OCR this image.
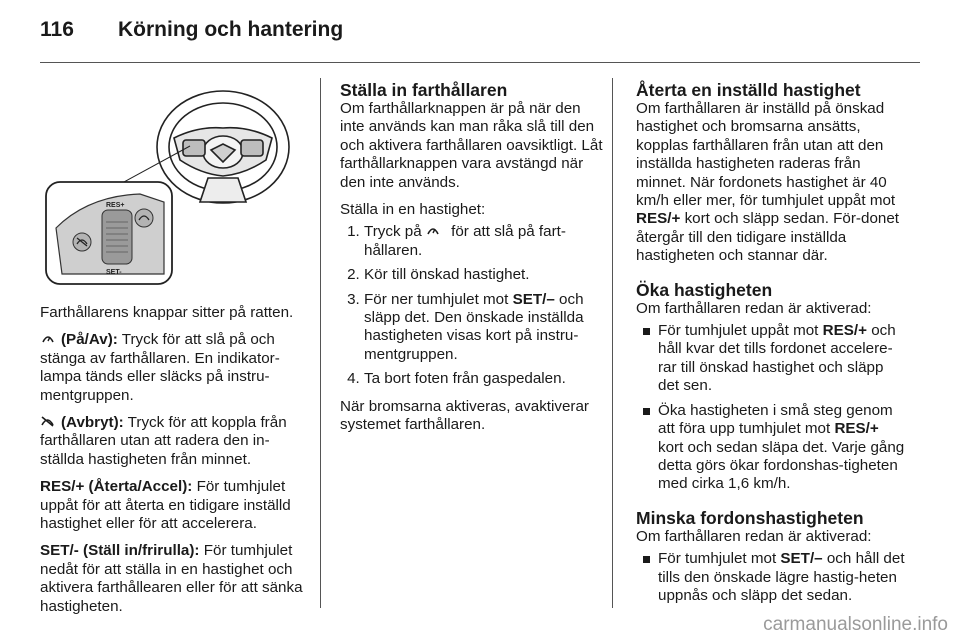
116 Körning och hantering
RES+
SET-

Farthållarens knappar sitter på ratten.

(På/Av): Tryck för att slå på och stänga av farthållaren. En indikator-lampa tänds eller släcks på instru-mentgruppen.

(Avbryt): Tryck för att koppla från farthållaren utan att radera den in-ställda hastigheten från minnet.

RES/+ (Återta/Accel): För tumhjulet uppåt för att återta en tidigare inställd hastighet eller för att accelerera.

SET/- (Ställ in/frirulla): För tumhjulet nedåt för att ställa in en hastighet och aktivera farthållearen eller för att sänka hastigheten.

Ställa in farthållaren

Om farthållarknappen är på när den inte används kan man råka slå till den och aktivera farthållaren oavsiktligt. Låt farthållarknappen vara avstängd när den inte används.

Ställa in en hastighet:

1. Tryck på för att slå på fart-hållaren.
2. Kör till önskad hastighet.
3. För ner tumhjulet mot SET/– och släpp det. Den önskade inställda hastigheten visas kort på instru-mentgruppen.
4. Ta bort foten från gaspedalen.

När bromsarna aktiveras, avaktiverar systemet farthållaren.

Återta en inställd hastighet

Om farthållaren är inställd på önskad hastighet och bromsarna ansätts, kopplas farthållaren från utan att den inställda hastigheten raderas från minnet. När fordonets hastighet är 40 km/h eller mer, för tumhjulet uppåt mot RES/+ kort och släpp sedan. För-donet återgår till den tidigare inställda hastigheten och stannar där.

Öka hastigheten

Om farthållaren redan är aktiverad:

För tumhjulet uppåt mot RES/+ och håll kvar det tills fordonet accelere-rar till önskad hastighet och släpp det sen.
Öka hastigheten i små steg genom att föra upp tumhjulet mot RES/+ kort och sedan släpa det. Varje gång detta görs ökar fordonshas-tigheten med cirka 1,6 km/h.
Minska fordonshastigheten

Om farthållaren redan är aktiverad:

För tumhjulet mot SET/– och håll det tills den önskade lägre hastig-heten uppnås och släpp det sedan.
carmanualsonline.info
